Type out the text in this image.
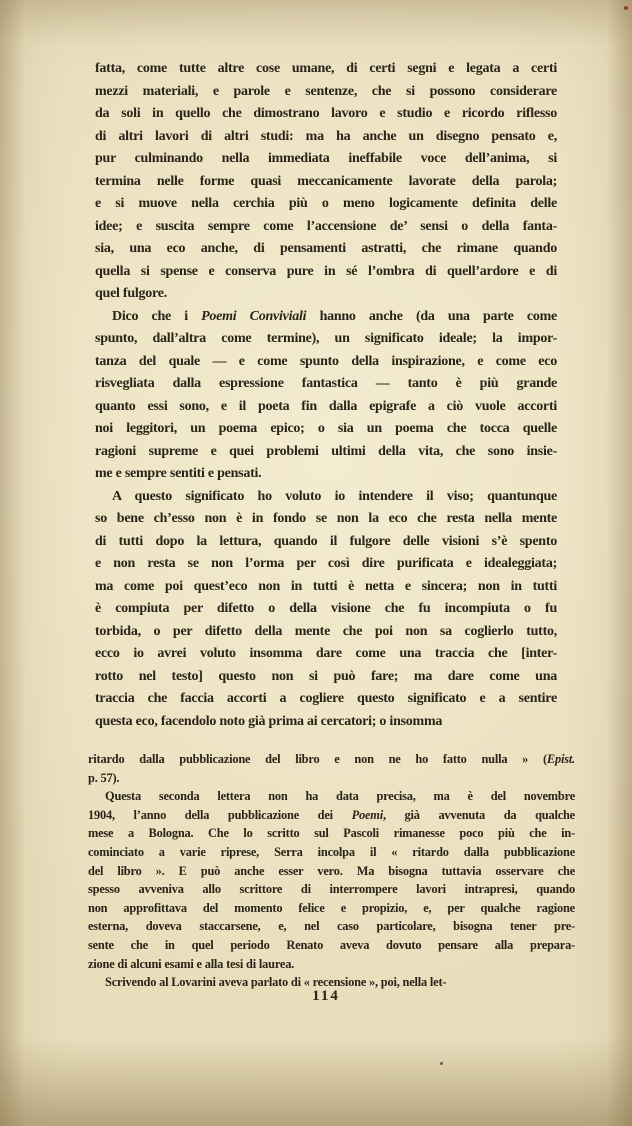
fatta, come tutte altre cose umane, di certi segni e legata a certi
mezzi materiali, e parole e sentenze, che si possono considerare
da soli in quello che dimostrano lavoro e studio e ricordo riflesso
di altri lavori di altri studi: ma ha anche un disegno pensato e,
pur culminando nella immediata ineffabile voce dell’anima, si
termina nelle forme quasi meccanicamente lavorate della parola;
e si muove nella cerchia più o meno logicamente definita delle
idee; e suscita sempre come l’accensione de’ sensi o della fanta-
sia, una eco anche, di pensamenti astratti, che rimane quando
quella si spense e conserva pure in sé l’ombra di quell’ardore e di
quel fulgore.

Dico che i Poemi Conviviali hanno anche (da una parte come
spunto, dall’altra come termine), un significato ideale; la impor-
tanza del quale — e come spunto della inspirazione, e come eco
risvegliata dalla espressione fantastica — tanto è più grande
quanto essi sono, e il poeta fin dalla epigrafe a ciò vuole accorti
noi leggitori, un poema epico; o sia un poema che tocca quelle
ragioni supreme e quei problemi ultimi della vita, che sono insie-
me e sempre sentiti e pensati.

A questo significato ho voluto io intendere il viso; quantunque
so bene ch’esso non è in fondo se non la eco che resta nella mente
di tutti dopo la lettura, quando il fulgore delle visioni s’è spento
e non resta se non l’orma per così dire purificata e idealeggiata;
ma come poi quest’eco non in tutti è netta e sincera; non in tutti
è compiuta per difetto o della visione che fu incompiuta o fu
torbida, o per difetto della mente che poi non sa coglierlo tutto,
ecco io avrei voluto insomma dare come una traccia che [inter-
rotto nel testo] questo non si può fare; ma dare come una
traccia che faccia accorti a cogliere questo significato e a sentire
questa eco, facendolo noto già prima ai cercatori; o insomma

ritardo dalla pubblicazione del libro e non ne ho fatto nulla » (Epist.
p. 57).

Questa seconda lettera non ha data precisa, ma è del novembre
1904, l’anno della pubblicazione dei Poemi, già avvenuta da qualche
mese a Bologna. Che lo scritto sul Pascoli rimanesse poco più che in-
cominciato a varie riprese, Serra incolpa il « ritardo dalla pubblicazione
del libro ». E può anche esser vero. Ma bisogna tuttavia osservare che
spesso avveniva allo scrittore di interrompere lavori intrapresi, quando
non approfittava del momento felice e propizio, e, per qualche ragione
esterna, doveva staccarsene, e, nel caso particolare, bisogna tener pre-
sente che in quel periodo Renato aveva dovuto pensare alla prepara-
zione di alcuni esami e alla tesi di laurea.

Scrivendo al Lovarini aveva parlato di « recensione », poi, nella let-

114
